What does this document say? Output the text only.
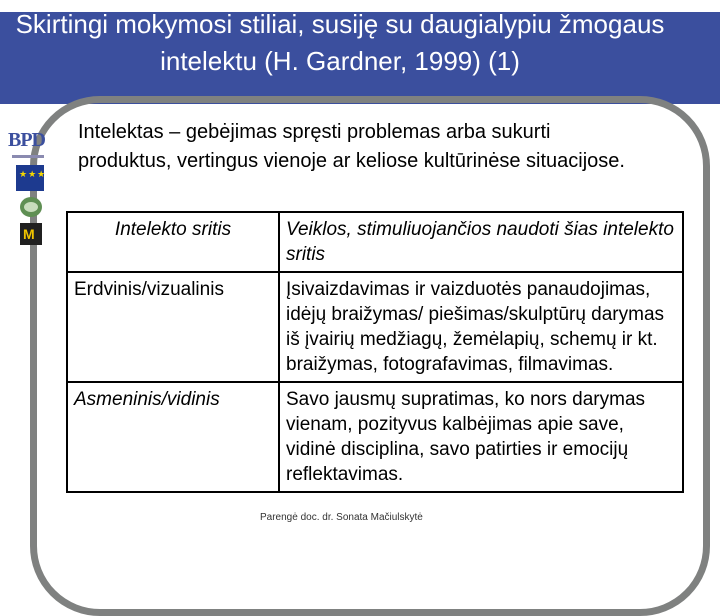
Skirtingi mokymosi stiliai, susiję su daugialypiu žmogaus intelektu (H. Gardner, 1999) (1)
BPD
★★★
M
Intelektas – gebėjimas spręsti problemas arba sukurti produktus, vertingus vienoje ar keliose kultūrinėse situacijose.
Intelekto sritis	Veiklos, stimuliuojančios naudoti šias intelekto sritis
Erdvinis/vizualinis	Įsivaizdavimas ir vaizduotės panaudojimas, idėjų braižymas/ piešimas/skulptūrų darymas iš įvairių medžiagų, žemėlapių, schemų ir kt. braižymas, fotografavimas, filmavimas.
Asmeninis/vidinis	Savo jausmų supratimas, ko nors darymas vienam, pozityvus kalbėjimas apie save, vidinė disciplina, savo patirties ir emocijų reflektavimas.
Parengė doc. dr. Sonata Mačiulskytė
